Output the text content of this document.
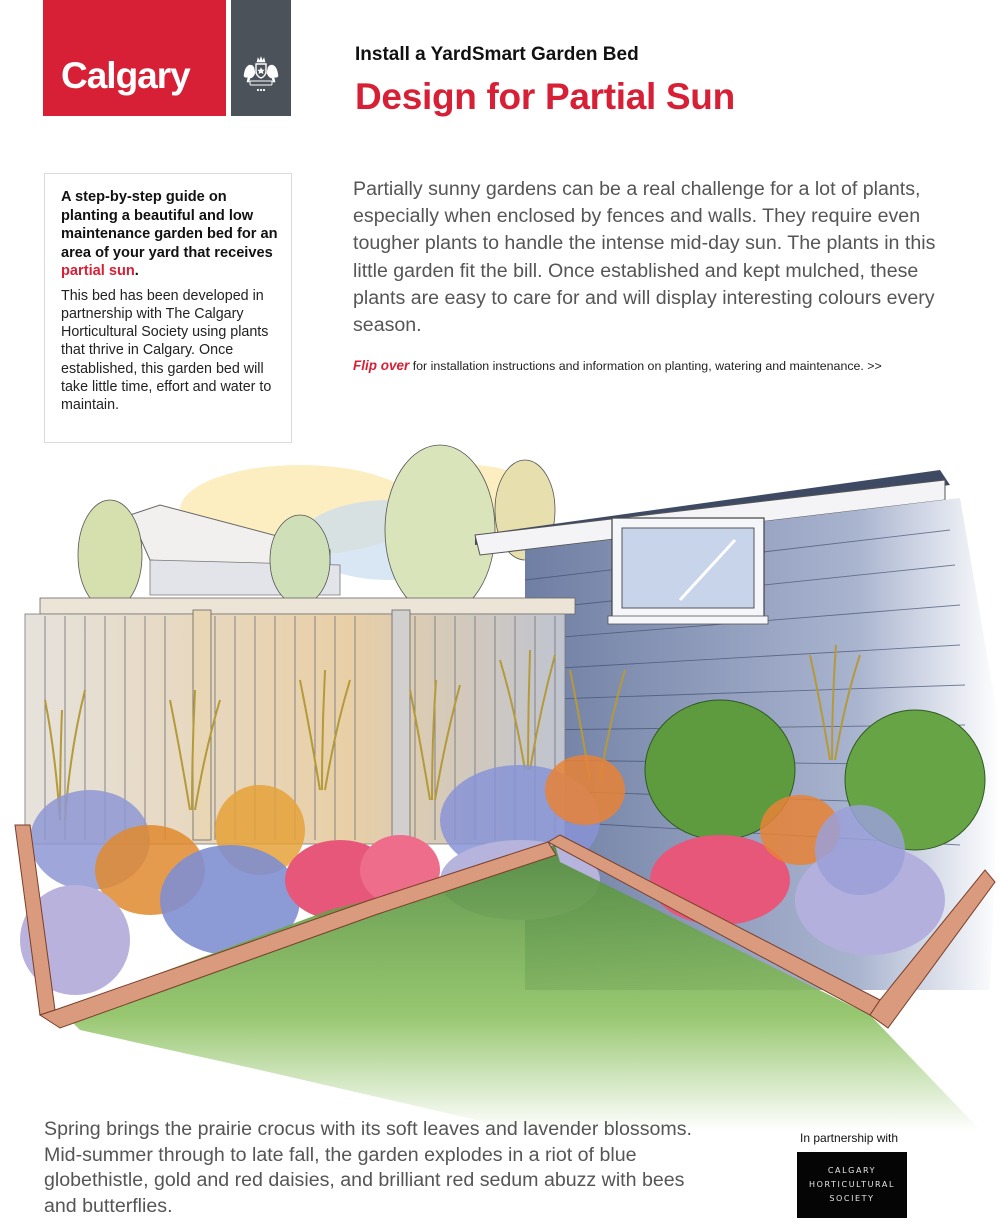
Calgary
Install a YardSmart Garden Bed
Design for Partial Sun

A step-by-step guide on planting a beautiful and low maintenance garden bed for an area of your yard that receives partial sun.

This bed has been developed in partnership with The Calgary Horticultural Society using plants that thrive in Calgary. Once established, this garden bed will take little time, effort and water to maintain.

Partially sunny gardens can be a real challenge for a lot of plants, especially when enclosed by fences and walls. They require even tougher plants to handle the intense mid-day sun. The plants in this little garden fit the bill. Once established and kept mulched, these plants are easy to care for and will display interesting colours every season.

Flip over for installation instructions and information on planting, watering and maintenance. >>

Spring brings the prairie crocus with its soft leaves and lavender blossoms. Mid-summer through to late fall, the garden explodes in a riot of blue globethistle, gold and red daisies, and brilliant red sedum abuzz with bees and butterflies.

In partnership with
CALGARY
HORTICULTURAL
SOCIETY
